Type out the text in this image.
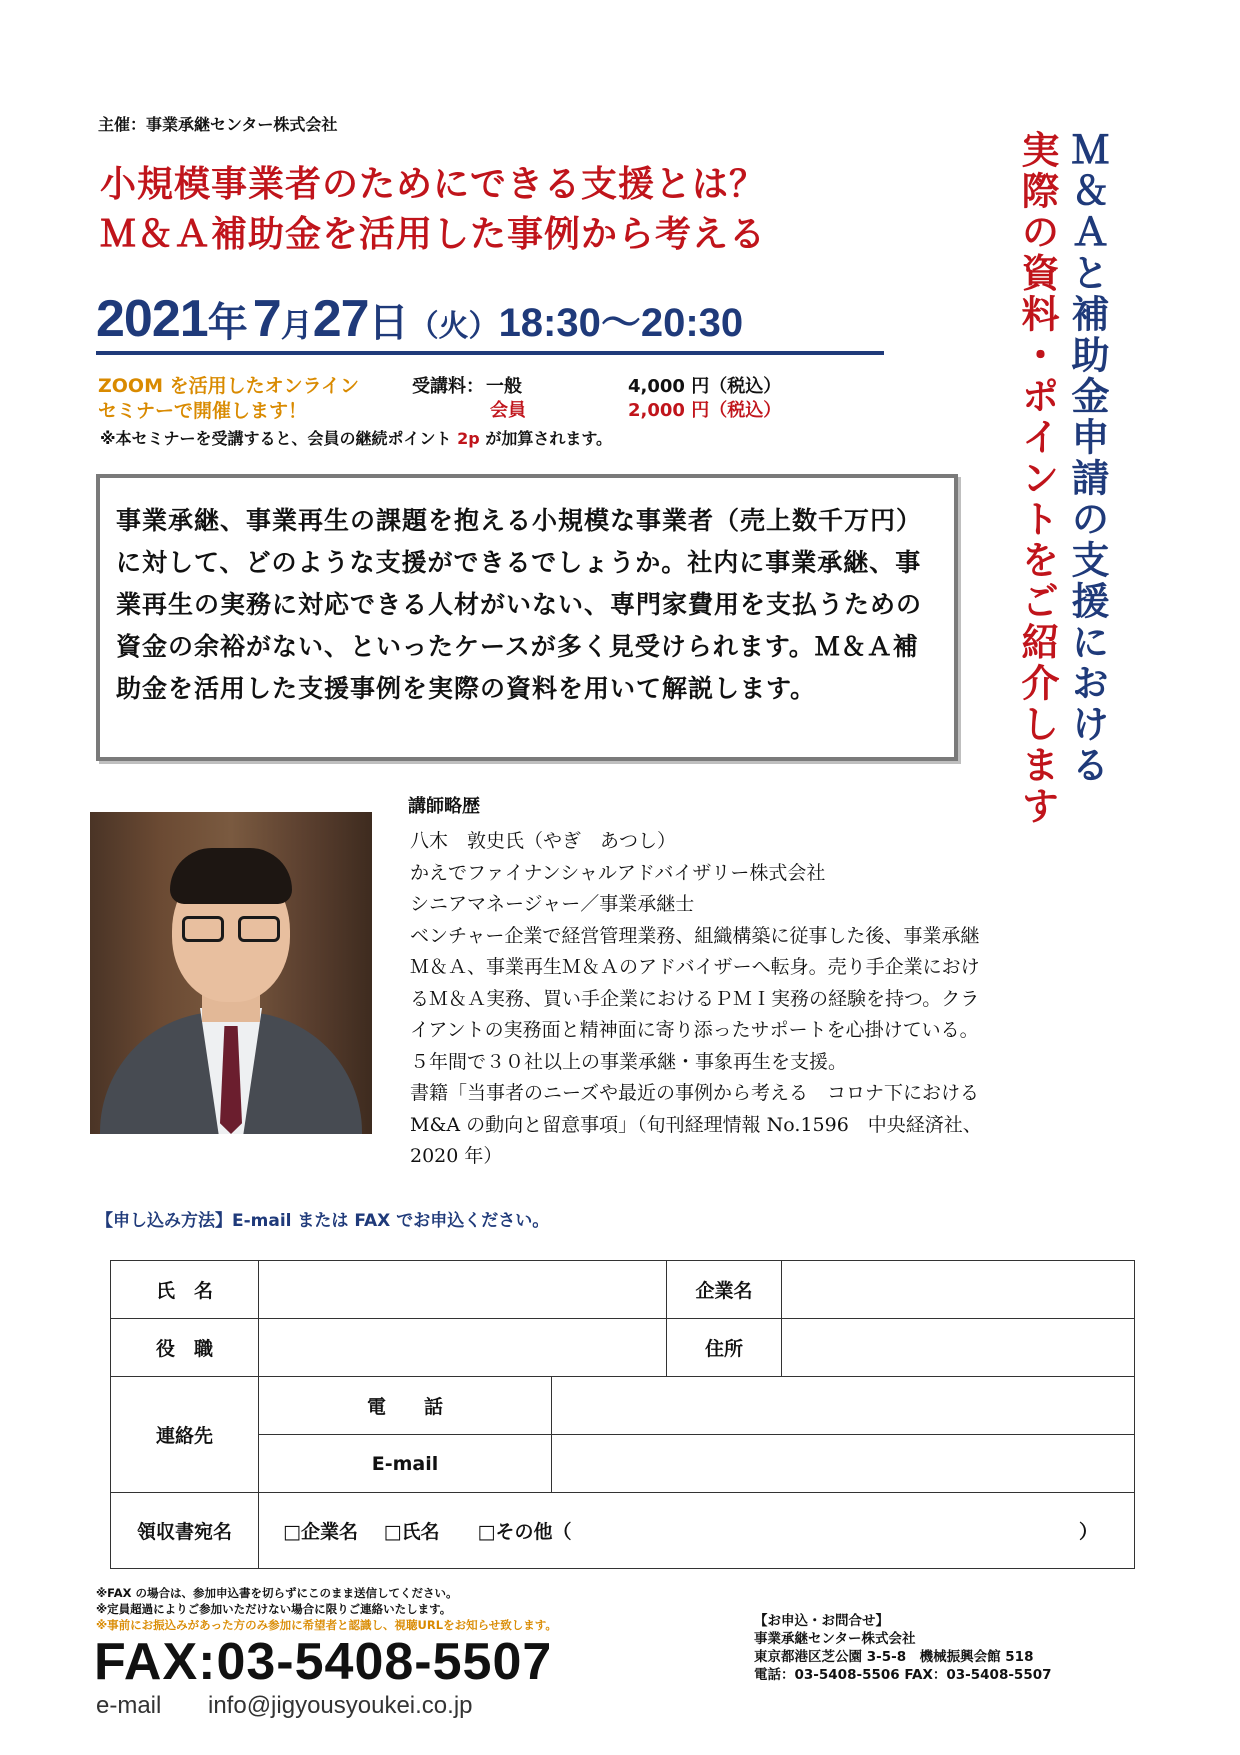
主催：事業承継センター株式会社
小規模事業者のためにできる支援とは？
Ｍ＆Ａ補助金を活用した事例から考える
2021年 7月27日（火）18:30～20:30
ZOOM を活用したオンライン
セミナーで開催します！
受講料： 一般	4,000 円（税込）
会員	2,000 円（税込）
※本セミナーを受講すると、会員の継続ポイント 2p が加算されます。
事業承継、事業再生の課題を抱える小規模な事業者（売上数千万円）に対して、どのような支援ができるでしょうか。社内に事業承継、事業再生の実務に対応できる人材がいない、専門家費用を支払うための資金の余裕がない、といったケースが多く見受けられます。Ｍ＆Ａ補助金を活用した支援事例を実際の資料を用いて解説します。	Ｍ＆Ａと補助金申請の支援における
実際の資料・ポイントをご紹介します
講師略歴
八木　敦史氏（やぎ　あつし）
かえでファイナンシャルアドバイザリー株式会社
シニアマネージャー／事業承継士
ベンチャー企業で経営管理業務、組織構築に従事した後、事業承継
Ｍ＆Ａ、事業再生Ｍ＆Ａのアドバイザーへ転身。売り手企業におけ
るＭ＆Ａ実務、買い手企業におけるＰＭＩ実務の経験を持つ。クラ
イアントの実務面と精神面に寄り添ったサポートを心掛けている。
５年間で３０社以上の事業承継・事象再生を支援。
書籍「当事者のニーズや最近の事例から考える　コロナ下における
M&A の動向と留意事項」（旬刊経理情報 No.1596　中央経済社、
2020 年）
【申し込み方法】E-mail または FAX でお申込ください。
氏　名			企業名	
役　職			住所	
連絡先	電　　話			
	E-mail			
領収書宛名	□企業名　 □氏名　　□その他（ ）			
※FAX の場合は、参加申込書を切らずにこのまま送信してください。
※定員超過によりご参加いただけない場合に限りご連絡いたします。
※事前にお振込みがあった方のみ参加に希望者と認識し、視聴URLをお知らせ致します。
FAX:03-5408-5507
e-mail info@jigyousyoukei.co.jp
【お申込・お問合せ】
事業承継センター株式会社
東京都港区芝公園 3-5-8　機械振興会館 518
電話：03-5408-5506 FAX：03-5408-5507
